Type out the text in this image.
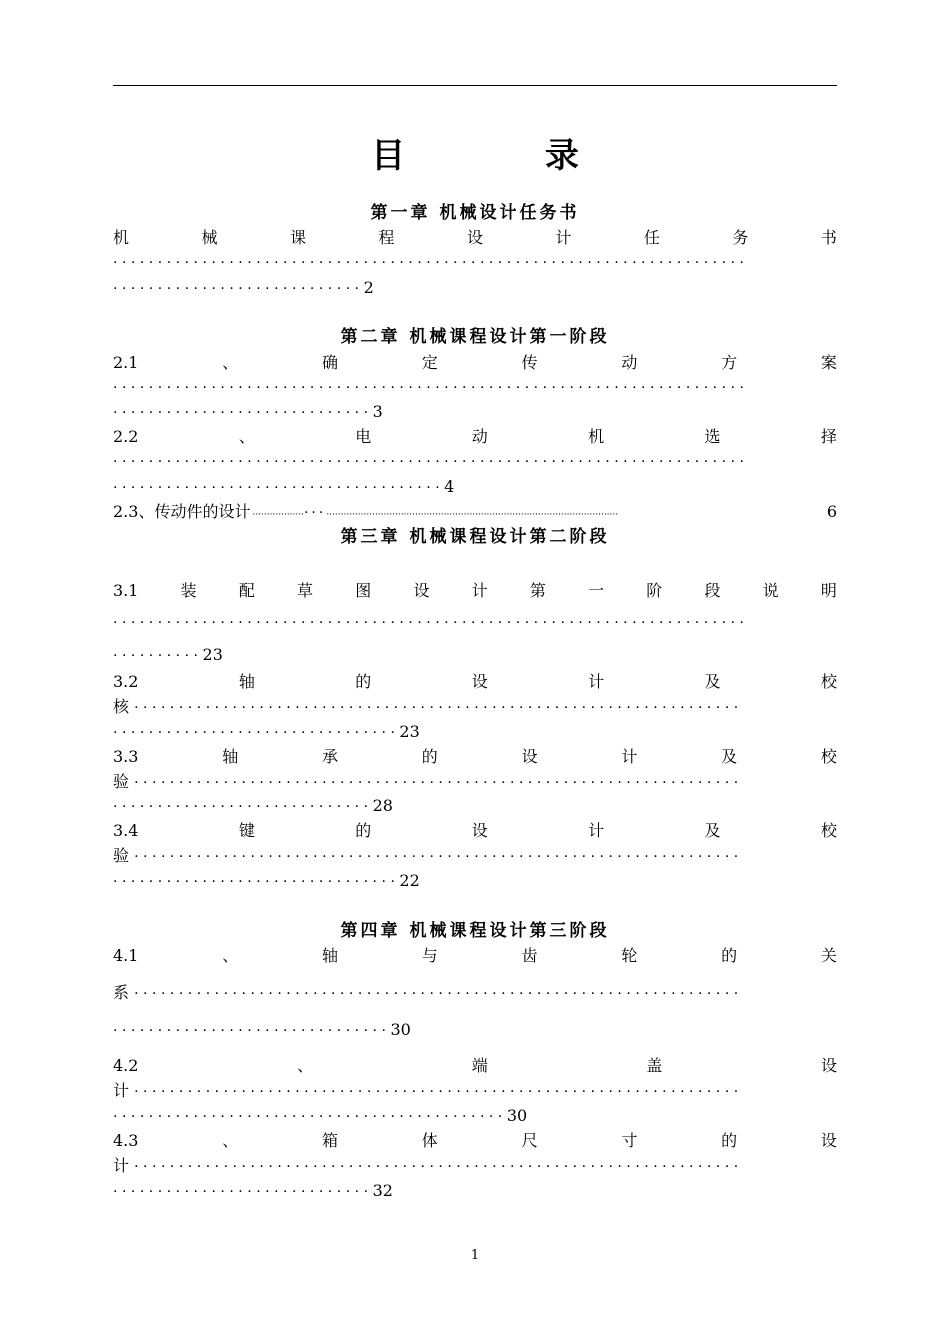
目 录
第一章 机械设计任务书
机	械	课	程	设	计	任	务	书
·······································································
····························2
第二章 机械课程设计第一阶段
2.1	、	确	定	传	动	方	案
·······································································
·····························3
2.2	、	电	动	机	选	择
·······································································
·····································4
2.3、传动件的设计 ···························································································································	6
第三章 机械课程设计第二阶段
3.1	装	配	草	图	设	计	第	一	阶	段	说	明
·······································································
··········23
3.2	轴	的	设	计	及	校
核 ····································································
································23
3.3	轴	承	的	设	计	及	校
验 ····································································
·····························28
3.4	键	的	设	计	及	校
验 ····································································
································22
第四章 机械课程设计第三阶段
4.1	、	轴	与	齿	轮	的	关
系 ····································································
·······························30
4.2	、	端	盖	设
计 ····································································
············································30
4.3	、	箱	体	尺	寸	的	设
计 ····································································
·····························32
1
